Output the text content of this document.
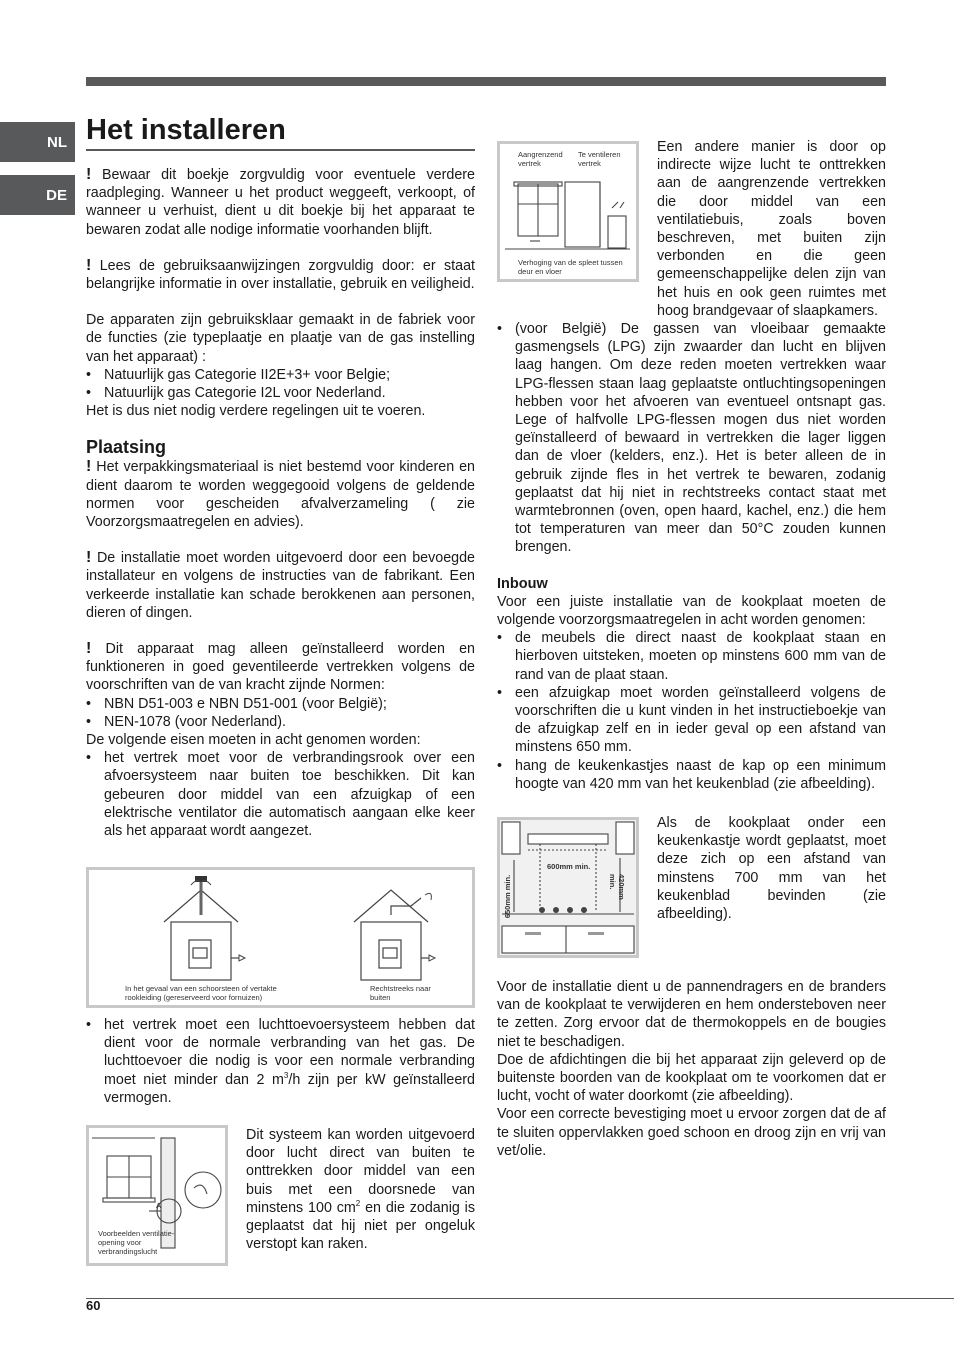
NL
DE
Het installeren

! Bewaar dit boekje zorgvuldig voor eventuele verdere raadpleging. Wanneer u het product weggeeft, verkoopt, of wanneer u verhuist, dient u dit boekje bij het apparaat te bewaren zodat alle nodige informatie voorhanden blijft.

! Lees de gebruiksaanwijzingen zorgvuldig door: er staat belangrijke informatie in over installatie, gebruik en veiligheid.

De apparaten zijn gebruiksklaar gemaakt in de fabriek voor de functies (zie typeplaatje en plaatje van de gas instelling van het apparaat) :

• Natuurlijk gas Categorie II2E+3+ voor Belgie;
• Natuurlijk gas Categorie I2L voor Nederland.

Het is dus niet nodig verdere regelingen uit te voeren.

Plaatsing

! Het verpakkingsmateriaal is niet bestemd voor kinderen en dient daarom te worden weggegooid volgens de geldende normen voor gescheiden afvalverzameling ( zie Voorzorgsmaatregelen en advies).

! De installatie moet worden uitgevoerd door een bevoegde installateur en volgens de instructies van de fabrikant. Een verkeerde installatie kan schade berokkenen aan personen, dieren of dingen.

! Dit apparaat mag alleen geïnstalleerd worden en funktioneren in goed geventileerde vertrekken volgens de voorschriften van de van kracht zijnde Normen:

• NBN D51-003 e NBN D51-001 (voor België);
• NEN-1078 (voor Nederland).

De volgende eisen moeten in acht genomen worden:

• het vertrek moet voor de verbrandingsrook over een afvoersysteem naar buiten toe beschikken. Dit kan gebeuren door middel van een afzuigkap of een elektrische ventilator die automatisch aangaan elke keer als het apparaat wordt aangezet.
In het gevaal van een schoorsteen of vertakte rookleiding (gereserveerd voor fornuizen)
Rechtstreeks naar buiten
• het vertrek moet een luchttoevoersysteem hebben dat dient voor de normale verbranding van het gas. De luchttoevoer die nodig is voor een normale verbranding moet niet minder dan 2 $m^3/h$ zijn per kW geïnstalleerd vermogen.
A
Voorbeelden ventilatie-opening voor verbrandingslucht

Dit systeem kan worden uitgevoerd door lucht direct van buiten te onttrekken door middel van een buis met een doorsnede van minstens 100 $cm^2$ en die zodanig is geplaatst dat hij niet per ongeluk verstopt kan raken.

Aangrenzend vertrek
Te ventileren vertrek
Verhoging van de spleet tussen deur en vloer

Een andere manier is door op indirecte wijze lucht te onttrekken aan de aangrenzende vertrekken die door middel van een ventilatiebuis, zoals boven beschreven, met buiten zijn verbonden en die geen gemeenschappelijke delen zijn van het huis en ook geen ruimtes met hoog brandgevaar of slaapkamers.

• (voor België) De gassen van vloeibaar gemaakte gasmengsels (LPG) zijn zwaarder dan lucht en blijven laag hangen. Om deze reden moeten vertrekken waar LPG-flessen staan laag geplaatste ontluchtingsopeningen hebben voor het afvoeren van eventueel ontsnapt gas. Lege of halfvolle LPG-flessen mogen dus niet worden geïnstalleerd of bewaard in vertrekken die lager liggen dan de vloer (kelders, enz.). Het is beter alleen de in gebruik zijnde fles in het vertrek te bewaren, zodanig geplaatst dat hij niet in rechtstreeks contact staat met warmtebronnen (oven, open haard, kachel, enz.) die hem tot temperaturen van meer dan 50°C zouden kunnen brengen.

Inbouw

Voor een juiste installatie van de kookplaat moeten de volgende voorzorgsmaatregelen in acht worden genomen:

• de meubels die direct naast de kookplaat staan en hierboven uitsteken, moeten op minstens 600 mm van de rand van de plaat staan.
• een afzuigkap moet worden geïnstalleerd volgens de voorschriften die u kunt vinden in het instructieboekje van de afzuigkap zelf en in ieder geval op een afstand van minstens 650 mm.
• hang de keukenkastjes naast de kap op een minimum hoogte van 420 mm van het keukenblad (zie afbeelding).
600mm min.
650mm min.	420mm min.

Als de kookplaat onder een keukenkastje wordt geplaatst, moet deze zich op een afstand van minstens 700 mm van het keukenblad bevinden (zie afbeelding).

Voor de installatie dient u de pannendragers en de branders van de kookplaat te verwijderen en hem ondersteboven neer te zetten. Zorg ervoor dat de thermokoppels en de bougies niet te beschadigen.

Doe de afdichtingen die bij het apparaat zijn geleverd op de buitenste boorden van de kookplaat om te voorkomen dat er lucht, vocht of water doorkomt (zie afbeelding).

Voor een correcte bevestiging moet u ervoor zorgen dat de af te sluiten oppervlakken goed schoon en droog zijn en vrij van vet/olie.

60
